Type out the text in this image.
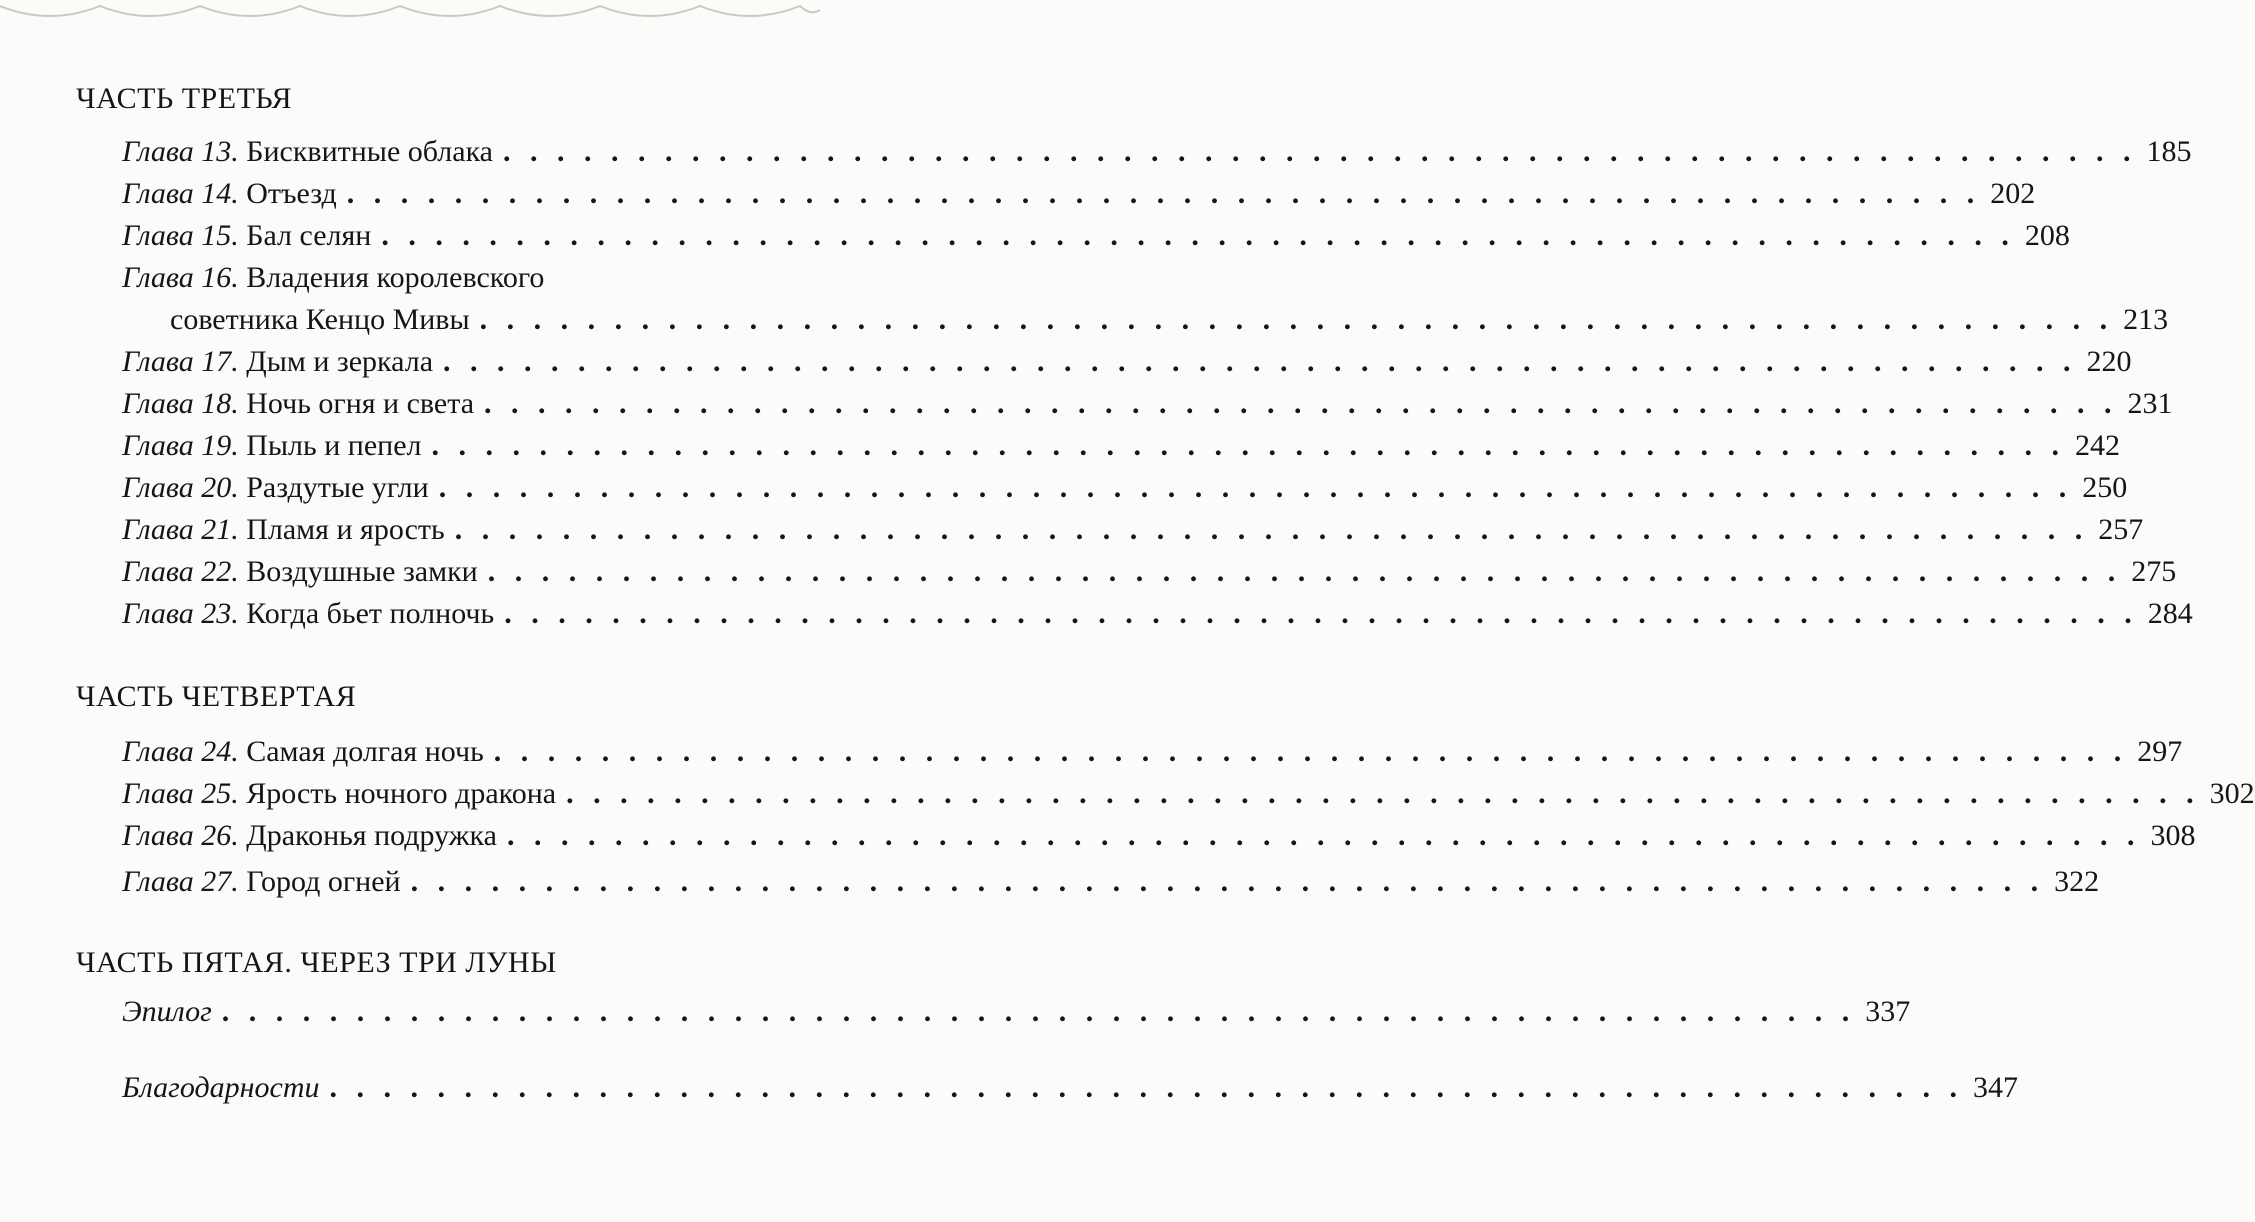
ЧАСТЬ ТРЕТЬЯ
Глава 13.
Бисквитные облака . . . . . . . . . . . . . . . . . . . . . . . . . . . . . . . . . . . . . . . . . . . . . . . . . . . . . . . . . . . . . 185
Глава 14.
Отъезд . . . . . . . . . . . . . . . . . . . . . . . . . . . . . . . . . . . . . . . . . . . . . . . . . . . . . . . . . . . . . 202
Глава 15.
Бал селян . . . . . . . . . . . . . . . . . . . . . . . . . . . . . . . . . . . . . . . . . . . . . . . . . . . . . . . . . . . . . 208
Глава 16.
Владения королевского
советника Кенцо Мивы . . . . . . . . . . . . . . . . . . . . . . . . . . . . . . . . . . . . . . . . . . . . . . . . . . . . . . . . . . . . . 213
Глава 17.
Дым и зеркала . . . . . . . . . . . . . . . . . . . . . . . . . . . . . . . . . . . . . . . . . . . . . . . . . . . . . . . . . . . . . 220
Глава 18.
Ночь огня и света . . . . . . . . . . . . . . . . . . . . . . . . . . . . . . . . . . . . . . . . . . . . . . . . . . . . . . . . . . . . . 231
Глава 19.
Пыль и пепел . . . . . . . . . . . . . . . . . . . . . . . . . . . . . . . . . . . . . . . . . . . . . . . . . . . . . . . . . . . . . 242
Глава 20.
Раздутые угли . . . . . . . . . . . . . . . . . . . . . . . . . . . . . . . . . . . . . . . . . . . . . . . . . . . . . . . . . . . . . 250
Глава 21.
Пламя и ярость . . . . . . . . . . . . . . . . . . . . . . . . . . . . . . . . . . . . . . . . . . . . . . . . . . . . . . . . . . . . . 257
Глава 22.
Воздушные замки . . . . . . . . . . . . . . . . . . . . . . . . . . . . . . . . . . . . . . . . . . . . . . . . . . . . . . . . . . . . . 275
Глава 23.
Когда бьет полночь . . . . . . . . . . . . . . . . . . . . . . . . . . . . . . . . . . . . . . . . . . . . . . . . . . . . . . . . . . . . . 284
ЧАСТЬ ЧЕТВЕРТАЯ
Глава 24.
Самая долгая ночь . . . . . . . . . . . . . . . . . . . . . . . . . . . . . . . . . . . . . . . . . . . . . . . . . . . . . . . . . . . . . 297
Глава 25.
Ярость ночного дракона . . . . . . . . . . . . . . . . . . . . . . . . . . . . . . . . . . . . . . . . . . . . . . . . . . . . . . . . . . . . . 302
Глава 26.
Драконья подружка . . . . . . . . . . . . . . . . . . . . . . . . . . . . . . . . . . . . . . . . . . . . . . . . . . . . . . . . . . . . . 308
Глава 27.
Город огней . . . . . . . . . . . . . . . . . . . . . . . . . . . . . . . . . . . . . . . . . . . . . . . . . . . . . . . . . . . . . 322
ЧАСТЬ ПЯТАЯ. ЧЕРЕЗ ТРИ ЛУНЫ
Эпилог . . . . . . . . . . . . . . . . . . . . . . . . . . . . . . . . . . . . . . . . . . . . . . . . . . . . . . . . . . . . . 337
Благодарности . . . . . . . . . . . . . . . . . . . . . . . . . . . . . . . . . . . . . . . . . . . . . . . . . . . . . . . . . . . . . 347
